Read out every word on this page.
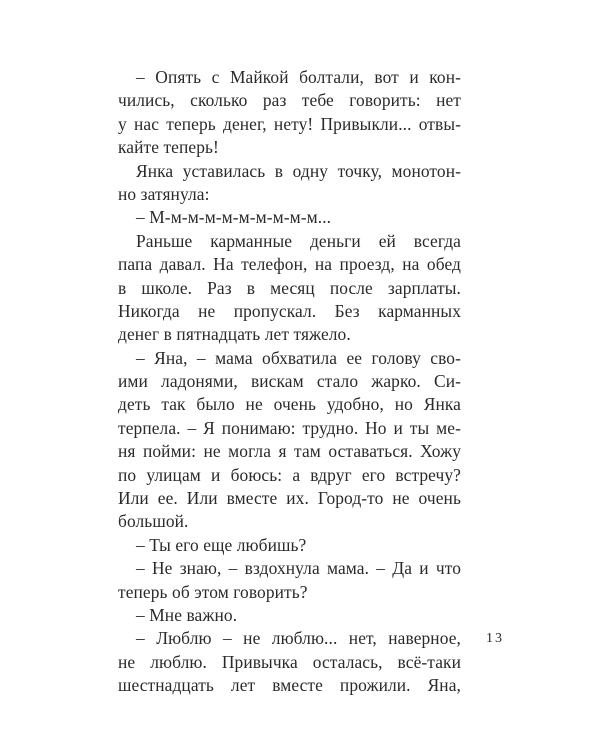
– Опять с Майкой болтали, вот и кон-
чились, сколько раз тебе говорить: нет
у нас теперь денег, нету! Привыкли... отвы-
кайте теперь!
Янка уставилась в одну точку, монотон-
но затянула:
– М-м-м-м-м-м-м-м-м-м...
Раньше карманные деньги ей всегда
папа давал. На телефон, на проезд, на обед
в школе. Раз в месяц после зарплаты.
Никогда не пропускал. Без карманных
денег в пятнадцать лет тяжело.
– Яна, – мама обхватила ее голову сво-
ими ладонями, вискам стало жарко. Си-
деть так было не очень удобно, но Янка
терпела. – Я понимаю: трудно. Но и ты ме-
ня пойми: не могла я там оставаться. Хожу
по улицам и боюсь: а вдруг его встречу?
Или ее. Или вместе их. Город-то не очень
большой.
– Ты его еще любишь?
– Не знаю, – вздохнула мама. – Да и что
теперь об этом говорить?
– Мне важно.
– Люблю – не люблю... нет, наверное,
не люблю. Привычка осталась, всё-таки
шестнадцать лет вместе прожили. Яна,
13
